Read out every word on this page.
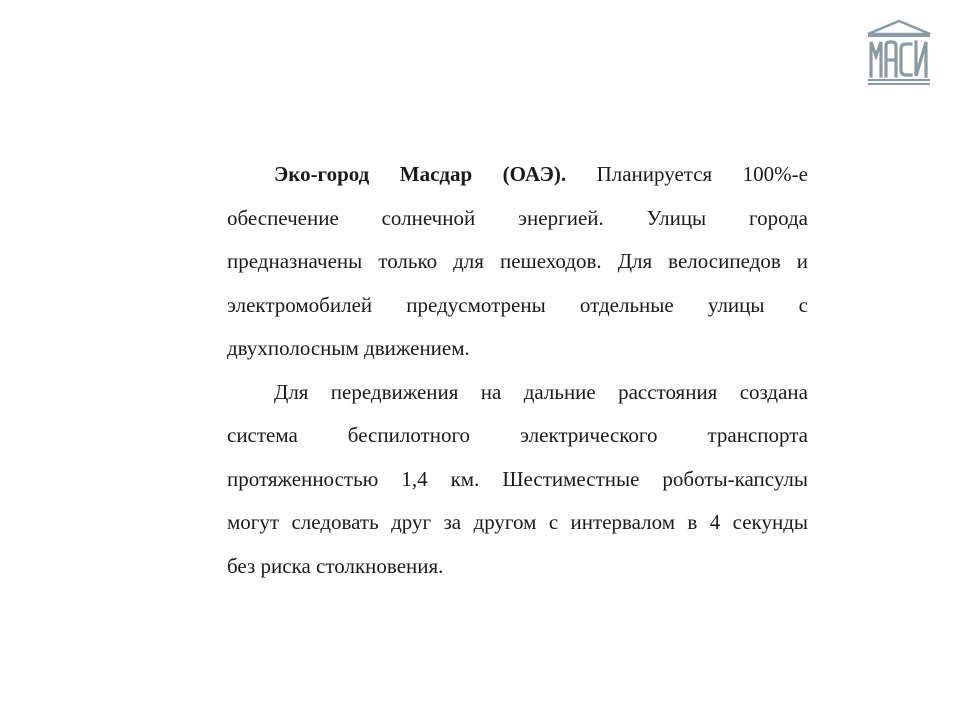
Эко-город Масдар (ОАЭ). Планируется 100%-е
обеспечение солнечной энергией. Улицы города
предназначены только для пешеходов. Для велосипедов и
электромобилей предусмотрены отдельные улицы с
двухполосным движением.
Для передвижения на дальние расстояния создана
система беспилотного электрического транспорта
протяженностью 1,4 км. Шестиместные роботы-капсулы
могут следовать друг за другом с интервалом в 4 секунды
без риска столкновения.
